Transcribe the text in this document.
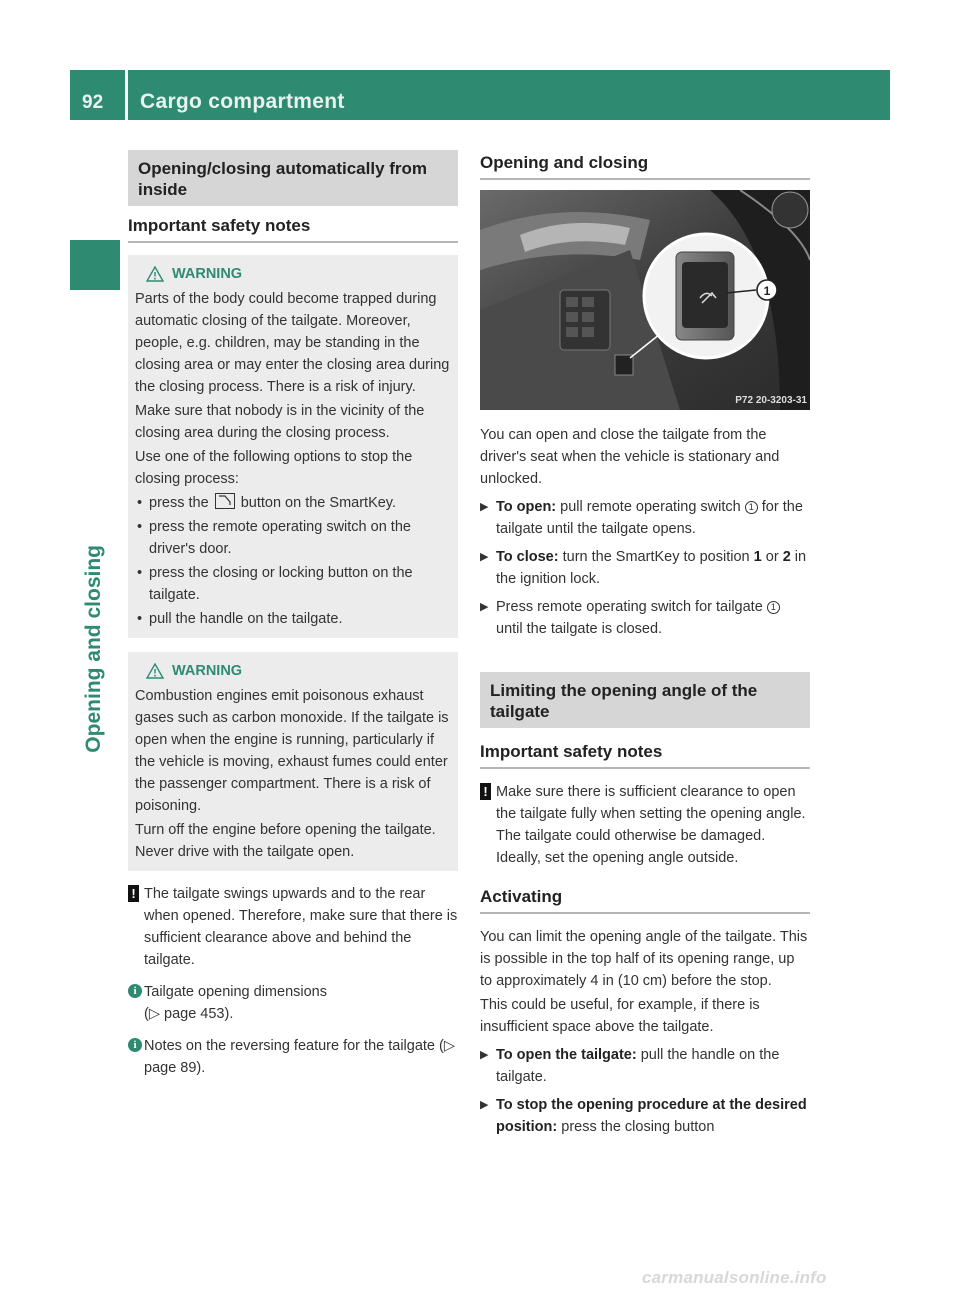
92 Cargo compartment
Opening and closing
Opening/closing automatically from inside
Important safety notes
WARNING

Parts of the body could become trapped during automatic closing of the tailgate. Moreover, people, e.g. children, may be standing in the closing area or may enter the closing area during the closing process. There is a risk of injury.

Make sure that nobody is in the vicinity of the closing area during the closing process.

Use one of the following options to stop the closing process:

• press the button on the SmartKey.
• press the remote operating switch on the driver's door.
• press the closing or locking button on the tailgate.
• pull the handle on the tailgate.
WARNING

Combustion engines emit poisonous exhaust gases such as carbon monoxide. If the tailgate is open when the engine is running, particularly if the vehicle is moving, exhaust fumes could enter the passenger compartment. There is a risk of poisoning.

Turn off the engine before opening the tailgate. Never drive with the tailgate open.

! The tailgate swings upwards and to the rear when opened. Therefore, make sure that there is sufficient clearance above and behind the tailgate.
i Tailgate opening dimensions
(▷ page 453).
i Notes on the reversing feature for the tailgate (▷ page 89).
Opening and closing
1
P72 20-3203-31

You can open and close the tailgate from the driver's seat when the vehicle is stationary and unlocked.

▶ To open: pull remote operating switch 1 for the tailgate until the tailgate opens.
▶ To close: turn the SmartKey to position 1 or 2 in the ignition lock.
▶ Press remote operating switch for tailgate 1 until the tailgate is closed.
Limiting the opening angle of the tailgate
Important safety notes
! Make sure there is sufficient clearance to open the tailgate fully when setting the opening angle. The tailgate could otherwise be damaged. Ideally, set the opening angle outside.
Activating

You can limit the opening angle of the tailgate. This is possible in the top half of its opening range, up to approximately 4 in (10 cm) before the stop.

This could be useful, for example, if there is insufficient space above the tailgate.

▶ To open the tailgate: pull the handle on the tailgate.
▶ To stop the opening procedure at the desired position: press the closing button
carmanualsonline.info
